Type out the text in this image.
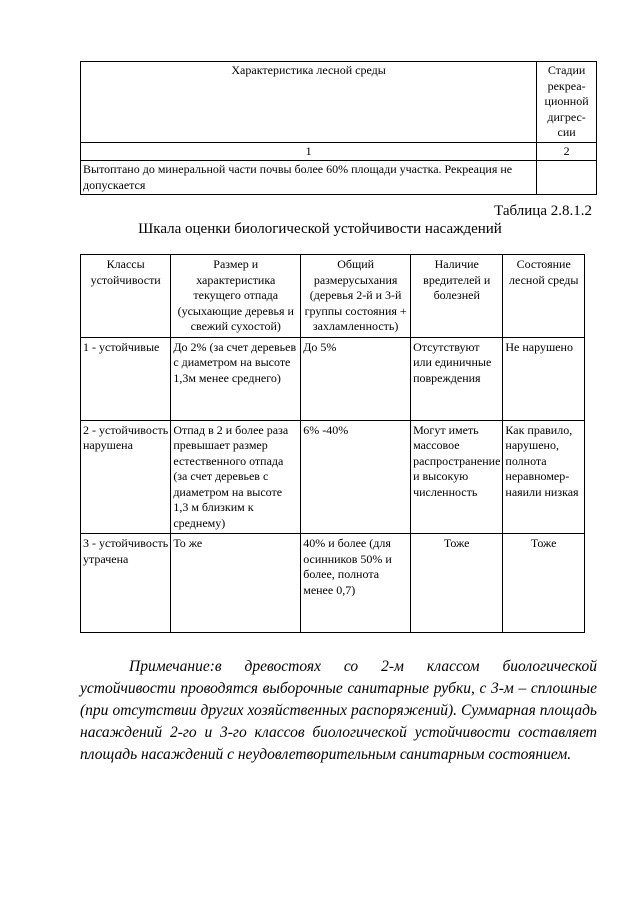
Характеристика лесной среды	Стадии рекреа-ционной дигрес-сии
1	2
Вытоптано до минеральной части почвы более 60% площади участка. Рекреация не допускается	
Таблица 2.8.1.2
Шкала оценки биологической устойчивости насаждений
Классы устойчивости	Размер и характеристика текущего отпада (усыхающие деревья и свежий сухостой)	Общий размерусыхания (деревья 2-й и 3-й группы состояния + захламленность)	Наличие вредителей и болезней	Состояние лесной среды
1 - устойчивые	До 2% (за счет деревьев с диаметром на высоте 1,3м менее среднего)	До 5%	Отсутствуют или единичные повреждения	Не нарушено
2 - устойчивость нарушена	Отпад в 2 и более раза превышает размер естественного отпада (за счет деревьев с диаметром на высоте 1,3 м близким к среднему)	6% -40%	Могут иметь массовое распространение и высокую численность	Как правило, нарушено, полнота неравномер-наяили низкая
3 - устойчивость утрачена	То же	40% и более (для осинников 50% и более, полнота менее 0,7)	Тоже	Тоже

Примечание:в древостоях со 2-м классом биологической устойчивости проводятся выборочные санитарные рубки, с 3-м – сплошные (при отсутствии других хозяйственных распоряжений). Суммарная площадь насаждений 2-го и 3-го классов биологической устойчивости составляет площадь насаждений с неудовлетворительным санитарным состоянием.
